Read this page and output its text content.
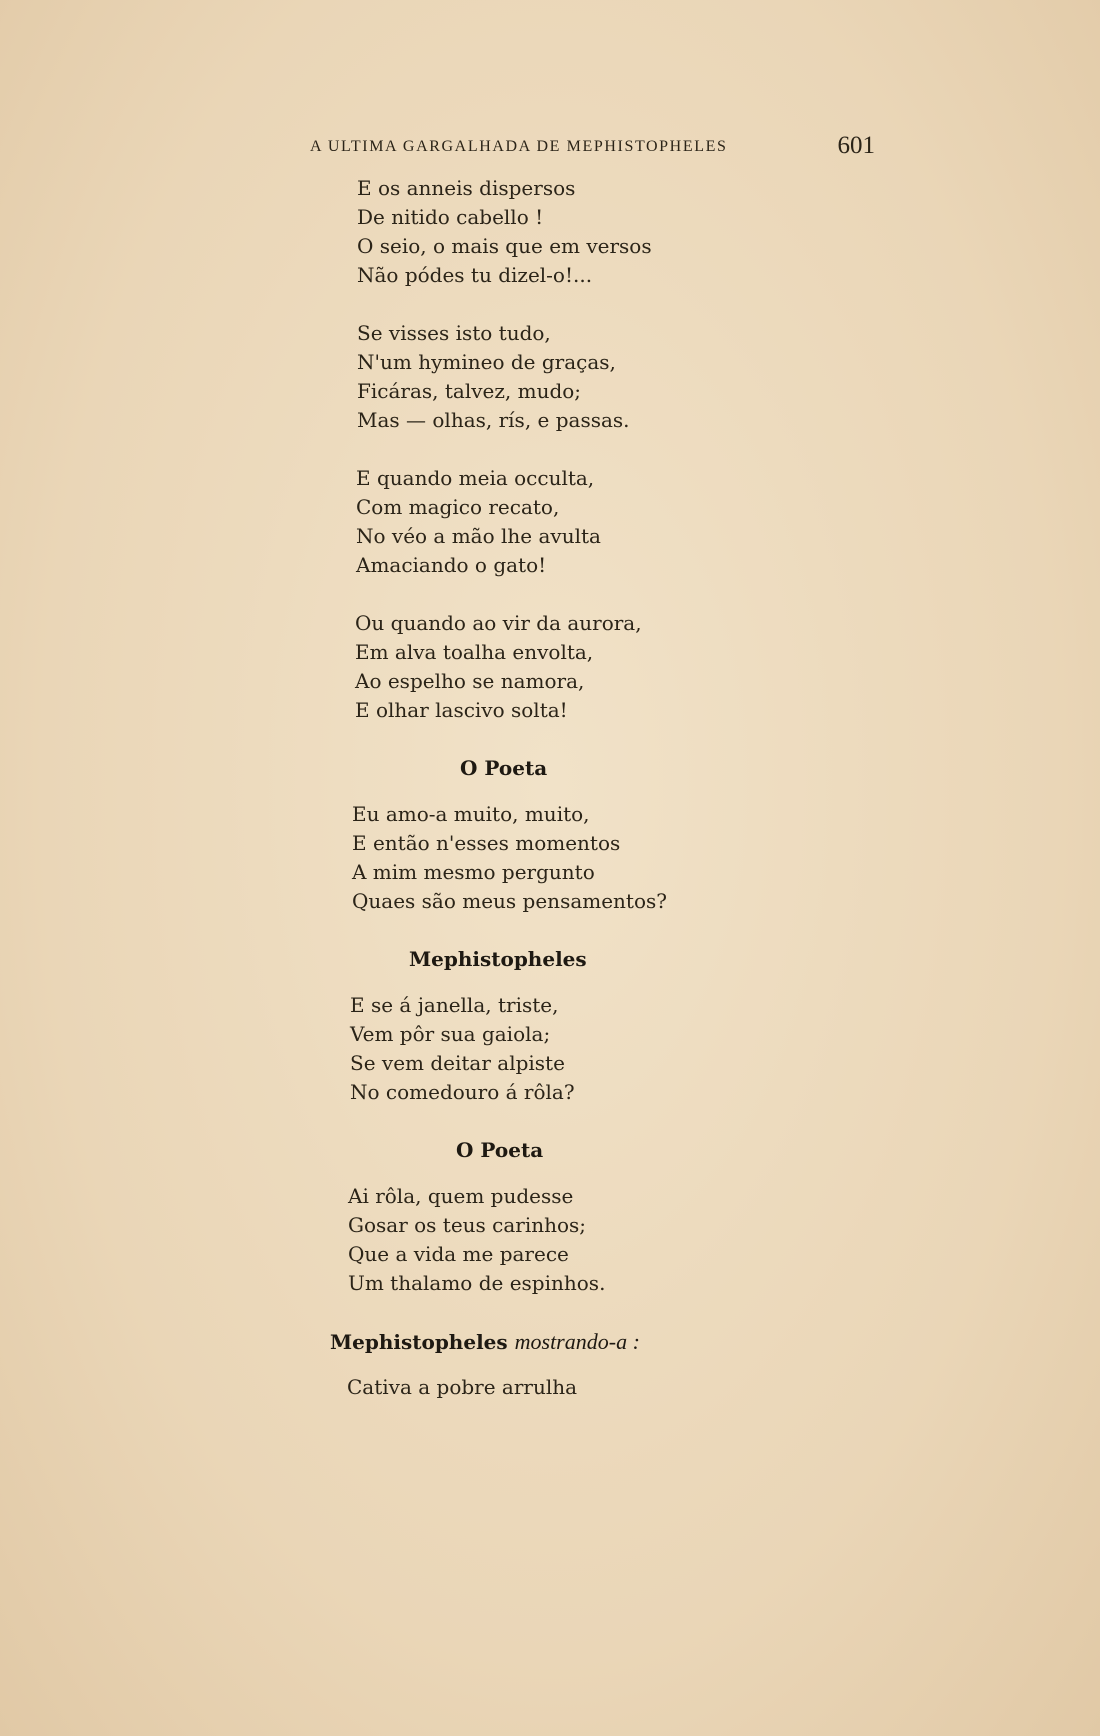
A ULTIMA GARGALHADA DE MEPHISTOPHELES	601
E os anneis dispersos
De nitido cabello !
O seio, o mais que em versos
Não pódes tu dizel-o!...
Se visses isto tudo,
N'um hymineo de graças,
Ficáras, talvez, mudo;
Mas — olhas, rís, e passas.
E quando meia occulta,
Com magico recato,
No véo a mão lhe avulta
Amaciando o gato!
Ou quando ao vir da aurora,
Em alva toalha envolta,
Ao espelho se namora,
E olhar lascivo solta!
O Poeta
Eu amo-a muito, muito,
E então n'esses momentos
A mim mesmo pergunto
Quaes são meus pensamentos?
Mephistopheles
E se á janella, triste,
Vem pôr sua gaiola;
Se vem deitar alpiste
No comedouro á rôla?
O Poeta
Ai rôla, quem pudesse
Gosar os teus carinhos;
Que a vida me parece
Um thalamo de espinhos.
Mephistopheles mostrando-a :
Cativa a pobre arrulha
